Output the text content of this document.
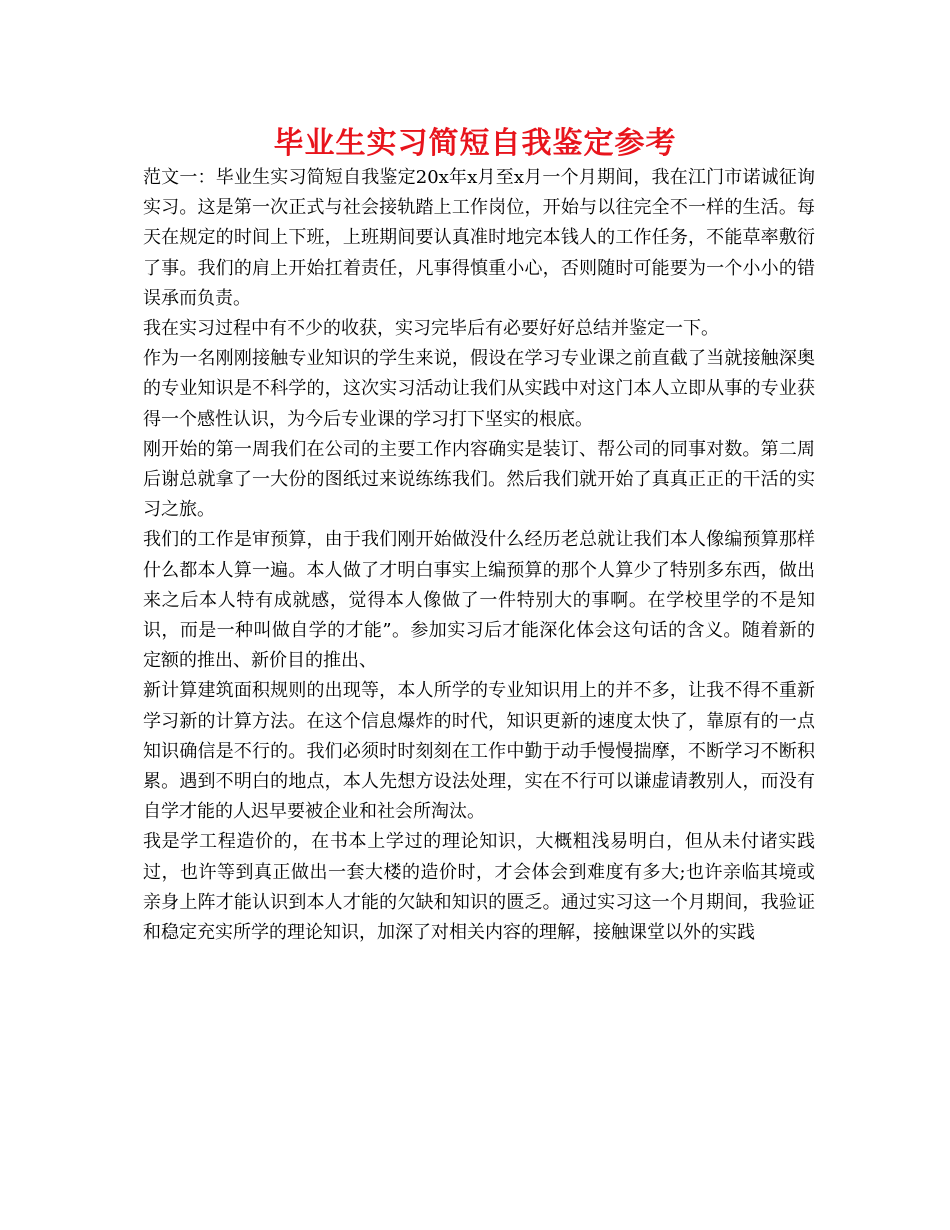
毕业生实习简短自我鉴定参考

范文一：毕业生实习简短自我鉴定20x年x月至x月一个月期间，我在江门市诺诚征询实习。这是第一次正式与社会接轨踏上工作岗位，开始与以往完全不一样的生活。每天在规定的时间上下班，上班期间要认真准时地完本钱人的工作任务，不能草率敷衍了事。我们的肩上开始扛着责任，凡事得慎重小心，否则随时可能要为一个小小的错误承而负责。

我在实习过程中有不少的收获，实习完毕后有必要好好总结并鉴定一下。

作为一名刚刚接触专业知识的学生来说，假设在学习专业课之前直截了当就接触深奥的专业知识是不科学的，这次实习活动让我们从实践中对这门本人立即从事的专业获得一个感性认识，为今后专业课的学习打下坚实的根底。

刚开始的第一周我们在公司的主要工作内容确实是装订、帮公司的同事对数。第二周后谢总就拿了一大份的图纸过来说练练我们。然后我们就开始了真真正正的干活的实习之旅。

我们的工作是审预算，由于我们刚开始做没什么经历老总就让我们本人像编预算那样什么都本人算一遍。本人做了才明白事实上编预算的那个人算少了特别多东西，做出来之后本人特有成就感，觉得本人像做了一件特别大的事啊。在学校里学的不是知识，而是一种叫做自学的才能”。参加实习后才能深化体会这句话的含义。随着新的定额的推出、新价目的推出、

新计算建筑面积规则的出现等，本人所学的专业知识用上的并不多，让我不得不重新学习新的计算方法。在这个信息爆炸的时代，知识更新的速度太快了，靠原有的一点知识确信是不行的。我们必须时时刻刻在工作中勤于动手慢慢揣摩，不断学习不断积累。遇到不明白的地点，本人先想方设法处理，实在不行可以谦虚请教别人，而没有自学才能的人迟早要被企业和社会所淘汰。

我是学工程造价的，在书本上学过的理论知识，大概粗浅易明白，但从未付诸实践过，也许等到真正做出一套大楼的造价时，才会体会到难度有多大;也许亲临其境或亲身上阵才能认识到本人才能的欠缺和知识的匮乏。通过实习这一个月期间，我验证和稳定充实所学的理论知识，加深了对相关内容的理解，接触课堂以外的实践
